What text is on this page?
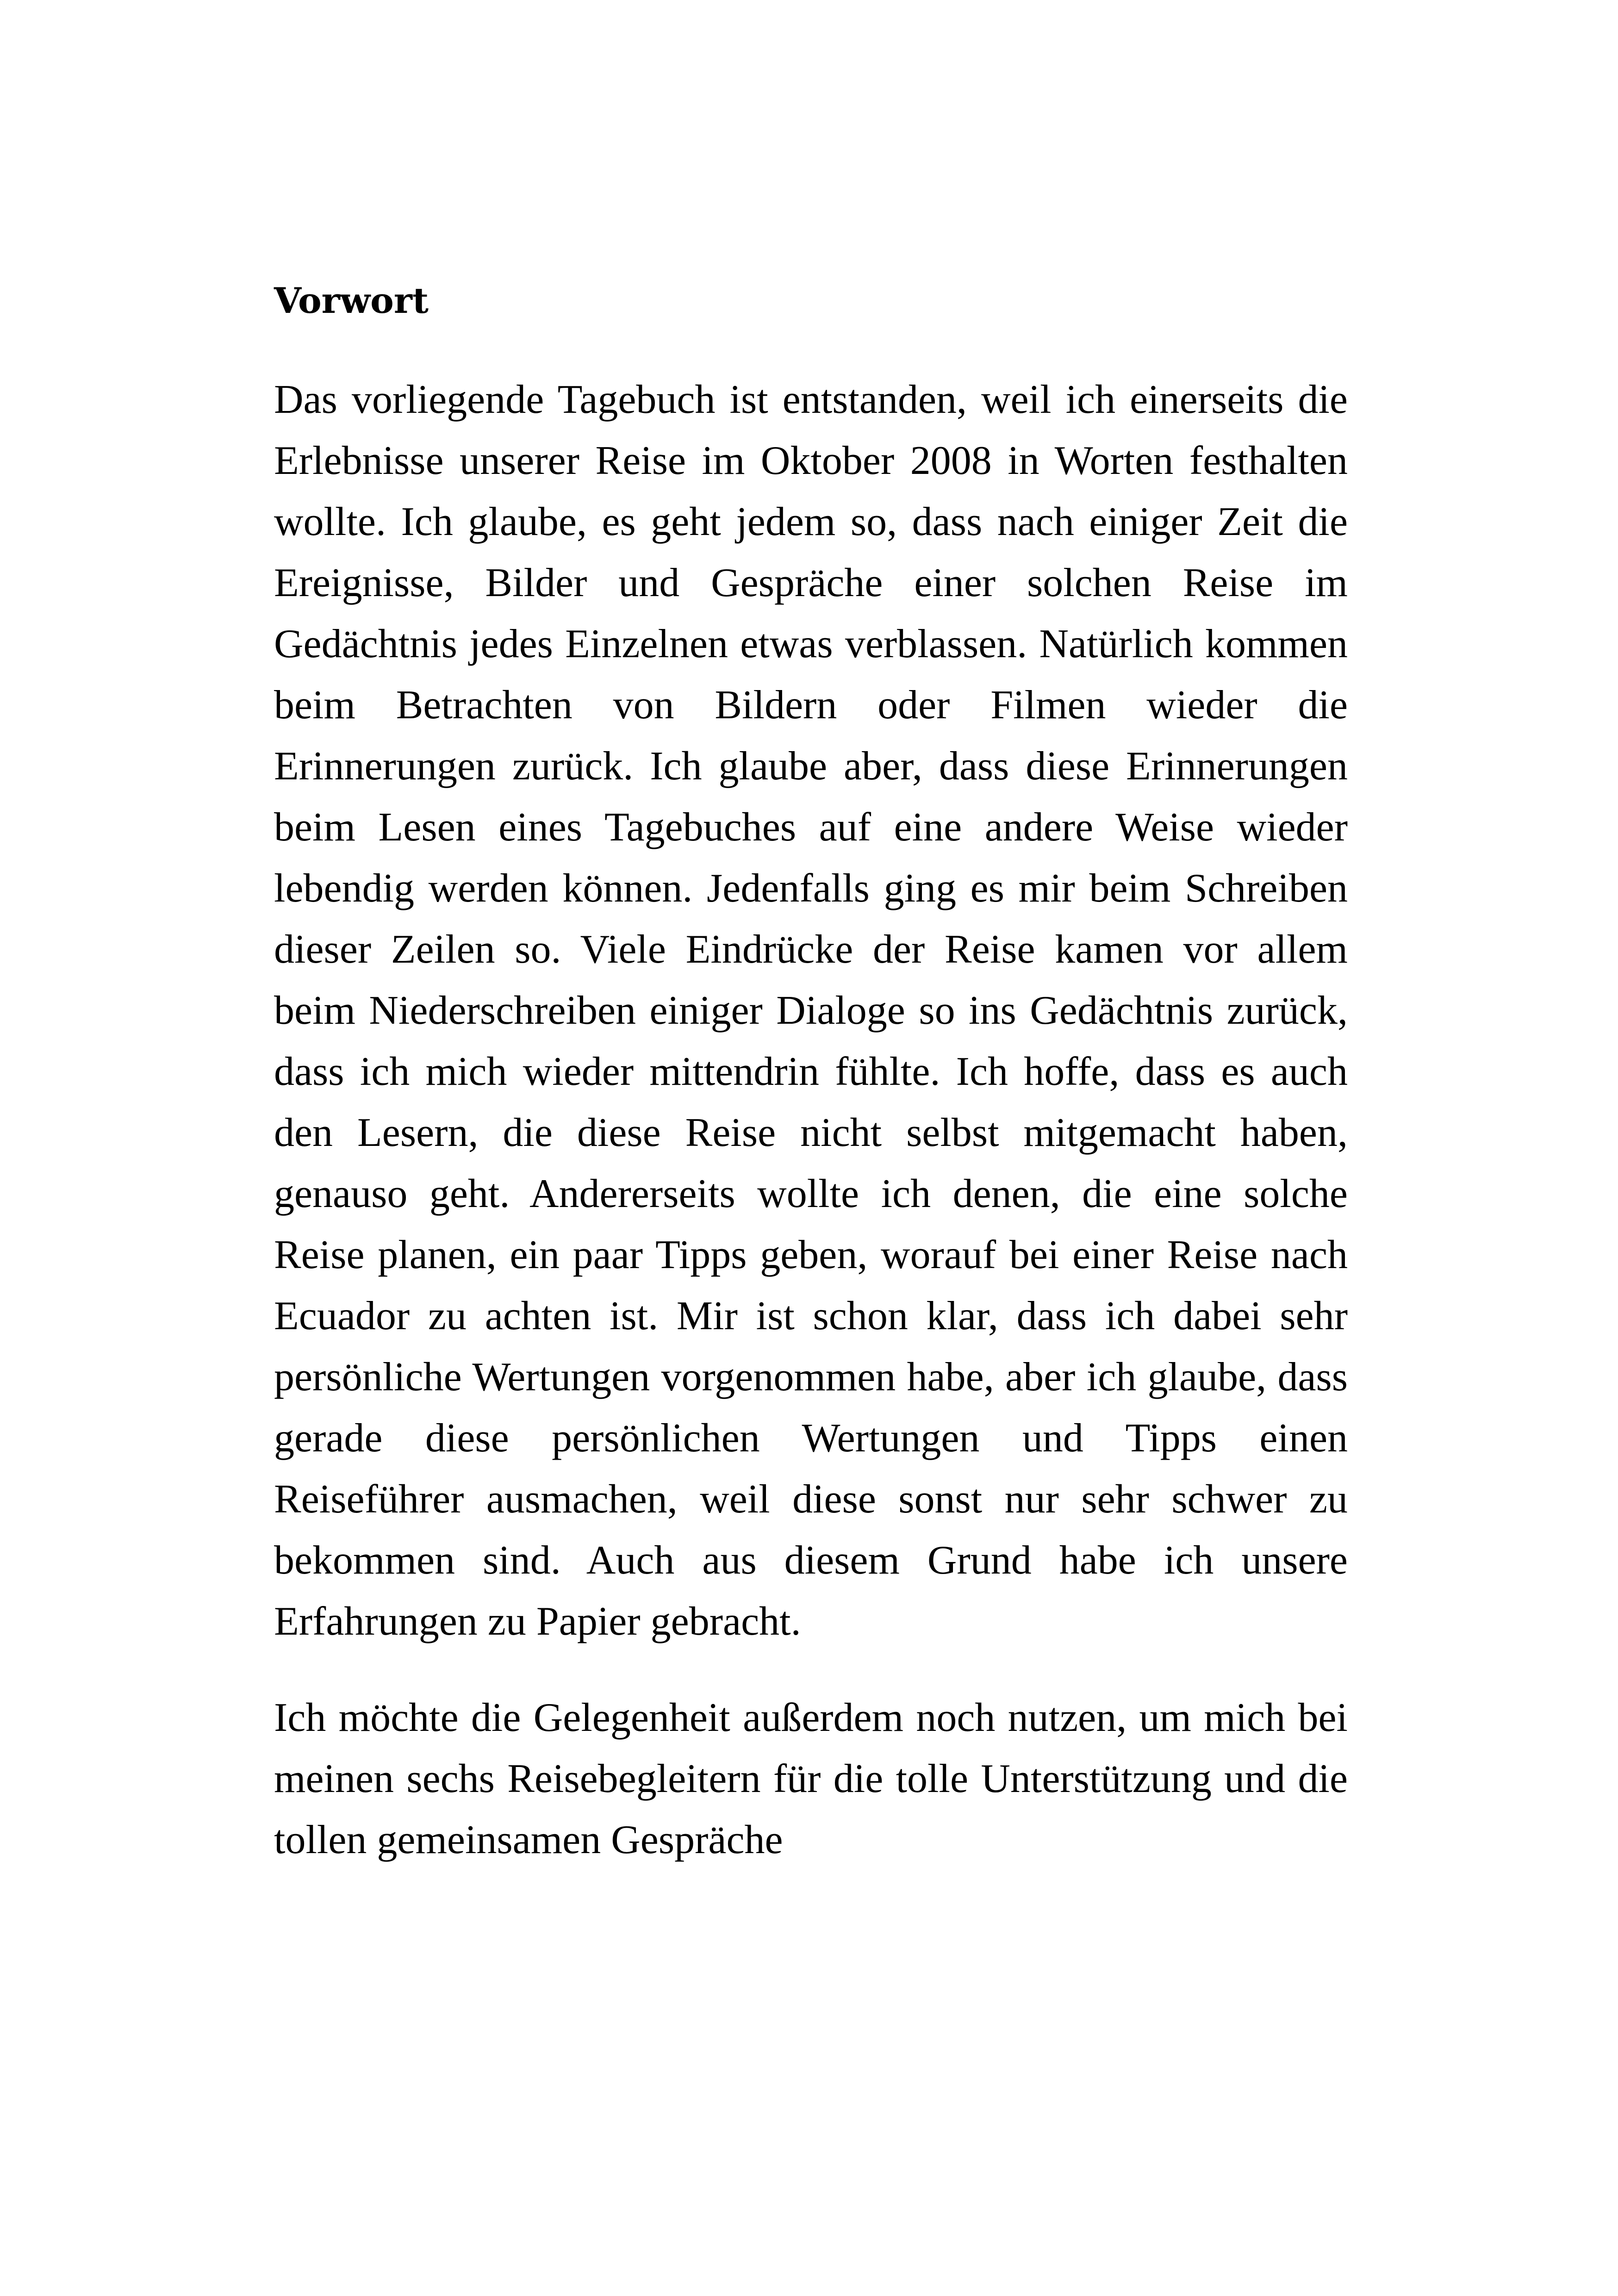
Vorwort

Das vorliegende Tagebuch ist entstanden, weil ich einerseits die Erlebnisse unserer Reise im Oktober 2008 in Worten festhalten wollte. Ich glaube, es geht jedem so, dass nach einiger Zeit die Ereignisse, Bilder und Gespräche einer solchen Reise im Gedächtnis jedes Einzelnen etwas verblassen. Natürlich kommen beim Betrachten von Bildern oder Filmen wieder die Erinnerungen zurück. Ich glaube aber, dass diese Erinnerungen beim Lesen eines Tagebuches auf eine andere Weise wieder lebendig werden können. Jedenfalls ging es mir beim Schreiben dieser Zeilen so. Viele Eindrücke der Reise kamen vor allem beim Niederschreiben einiger Dialoge so ins Gedächtnis zurück, dass ich mich wieder mittendrin fühlte. Ich hoffe, dass es auch den Lesern, die diese Reise nicht selbst mitgemacht haben, genauso geht. Andererseits wollte ich denen, die eine solche Reise planen, ein paar Tipps geben, worauf bei einer Reise nach Ecuador zu achten ist. Mir ist schon klar, dass ich dabei sehr persönliche Wertungen vorgenommen habe, aber ich glaube, dass gerade diese persönlichen Wertungen und Tipps einen Reiseführer ausmachen, weil diese sonst nur sehr schwer zu bekommen sind. Auch aus diesem Grund habe ich unsere Erfahrungen zu Papier gebracht.

Ich möchte die Gelegenheit außerdem noch nutzen, um mich bei meinen sechs Reisebegleitern für die tolle Unterstützung und die tollen gemeinsamen Gespräche
